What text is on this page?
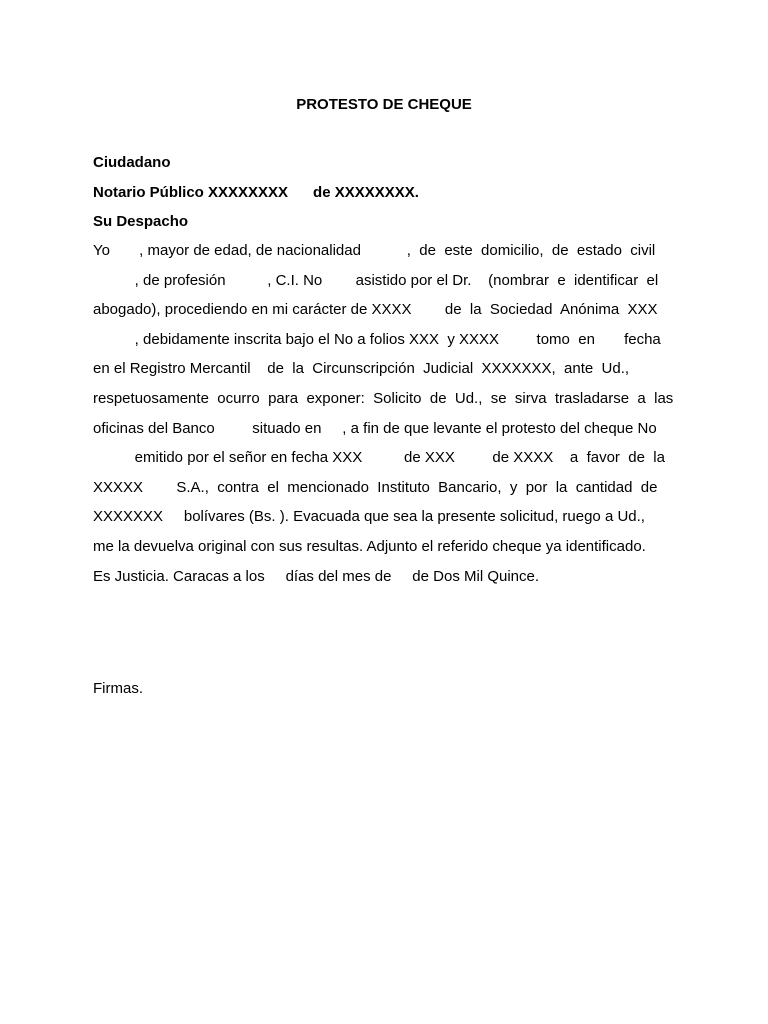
PROTESTO DE CHEQUE
Ciudadano
Notario Público XXXXXXXX      de XXXXXXXX.
Su Despacho
Yo       , mayor de edad, de nacionalidad           ,  de  este  domicilio,  de  estado  civil
, de profesión          , C.I. No        asistido por el Dr.    (nombrar  e  identificar  el
abogado), procediendo en mi carácter de XXXX        de  la  Sociedad  Anónima  XXX
, debidamente inscrita bajo el No a folios XXX  y XXXX         tomo  en       fecha
en el Registro Mercantil    de  la  Circunscripción  Judicial  XXXXXXX,  ante  Ud.,
respetuosamente  ocurro  para  exponer:  Solicito  de  Ud.,  se  sirva  trasladarse  a  las
oficinas del Banco         situado en     , a fin de que levante el protesto del cheque No
emitido por el señor en fecha XXX          de XXX         de XXXX    a  favor  de  la
XXXXX        S.A.,  contra  el  mencionado  Instituto  Bancario,  y  por  la  cantidad  de
XXXXXXX     bolívares (Bs. ). Evacuada que sea la presente solicitud, ruego a Ud.,
me la devuelva original con sus resultas. Adjunto el referido cheque ya identificado.
Es Justicia. Caracas a los     días del mes de     de Dos Mil Quince.
Firmas.
